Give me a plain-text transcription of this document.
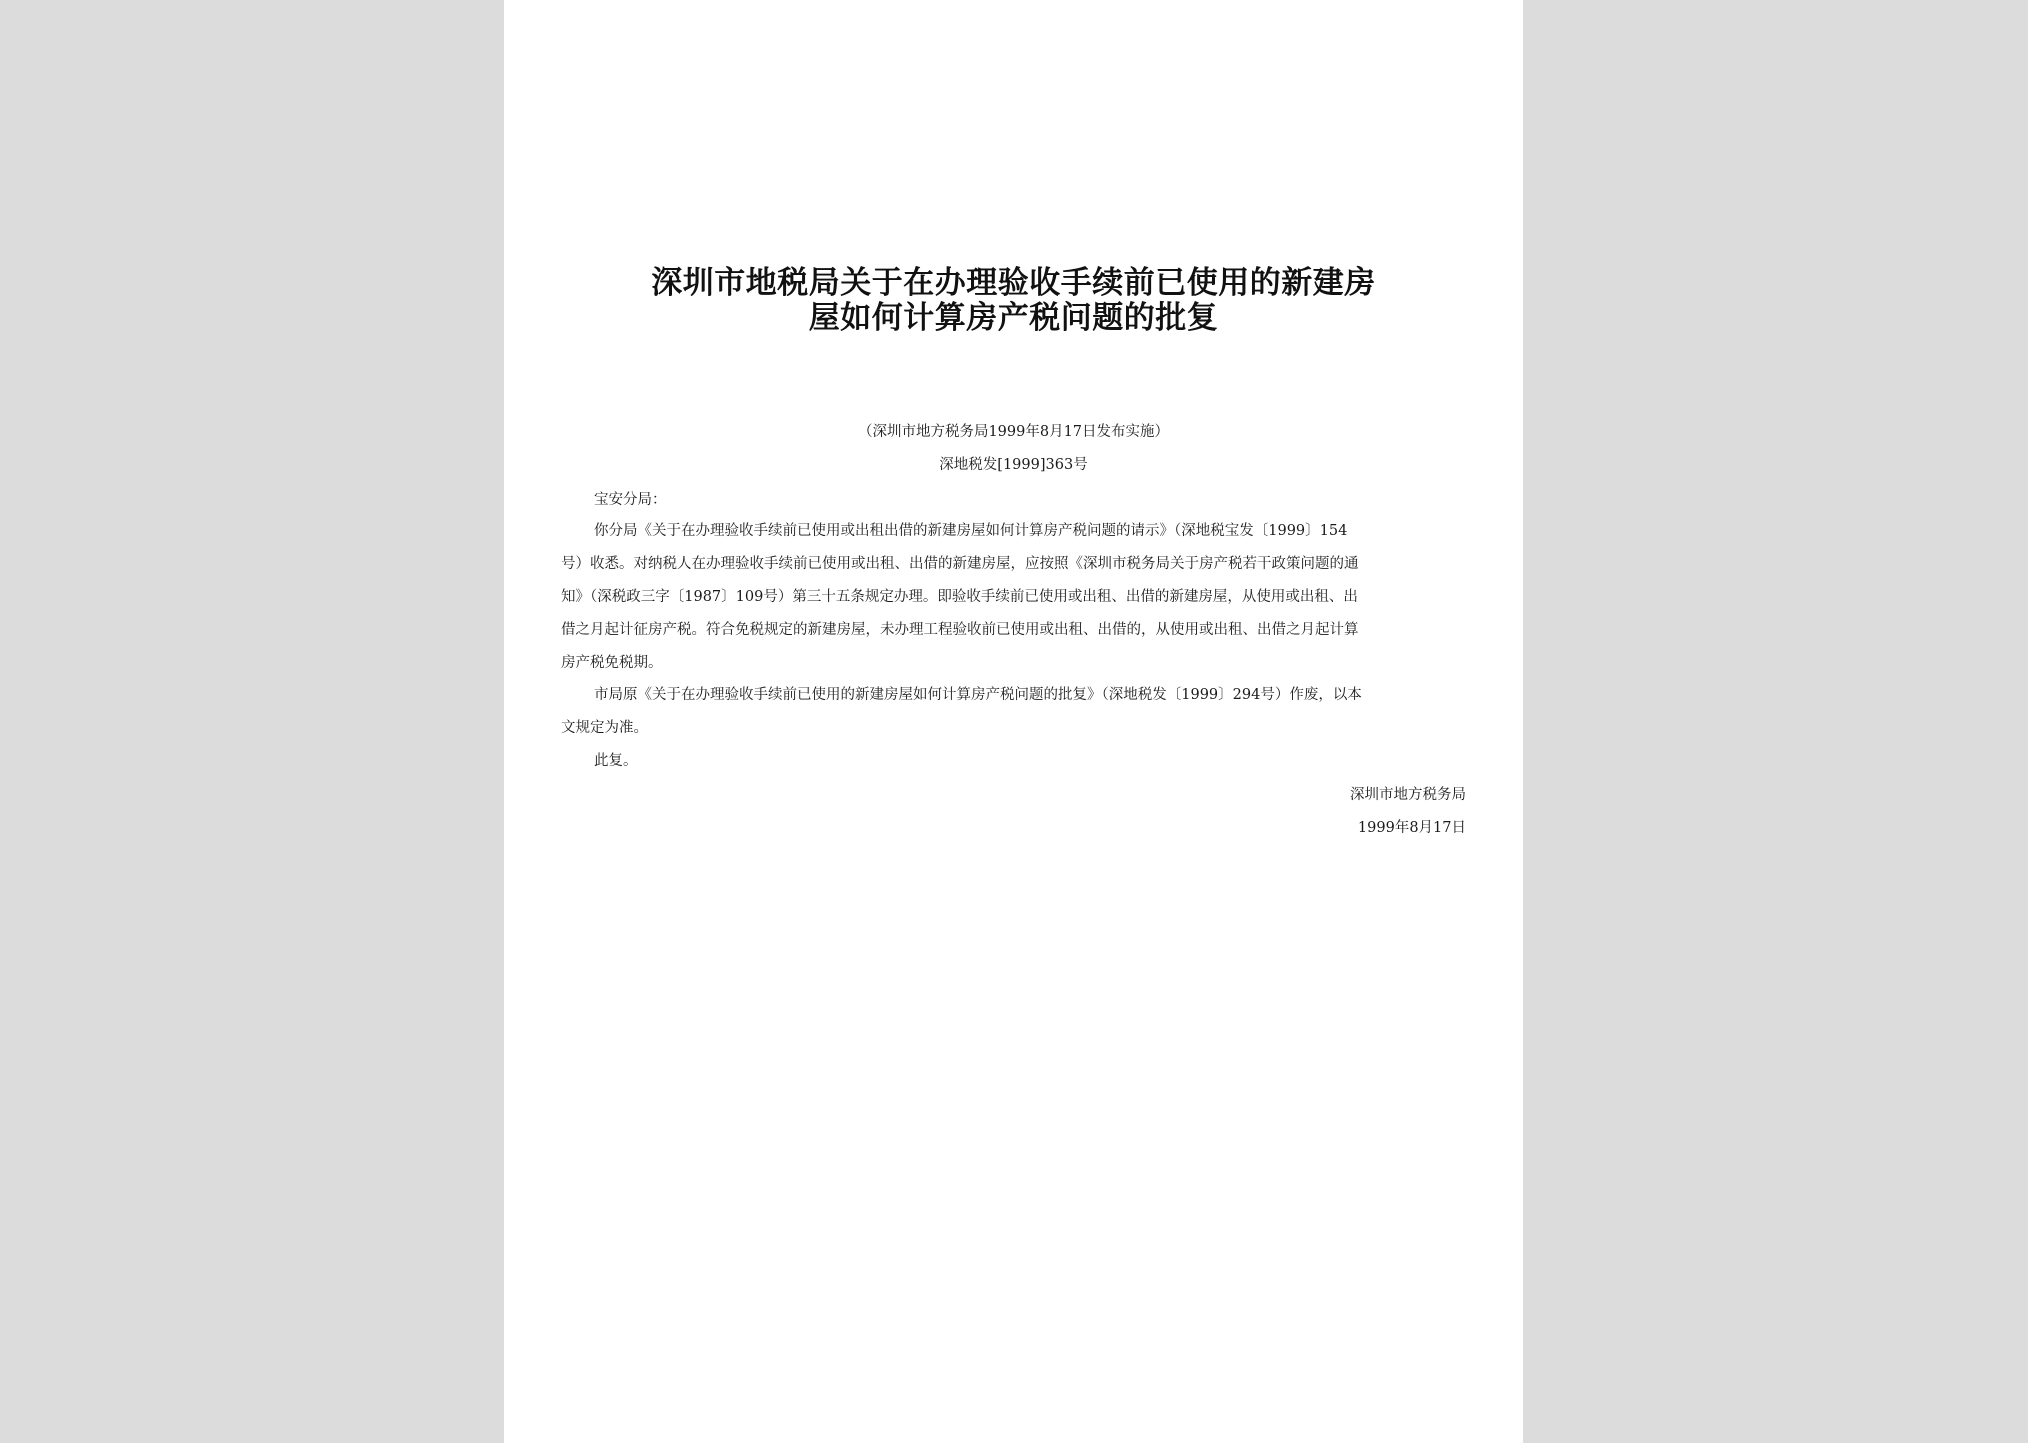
深圳市地税局关于在办理验收手续前已使用的新建房
屋如何计算房产税问题的批复
（深圳市地方税务局1999年8月17日发布实施）
深地税发[1999]363号
宝安分局：
你分局《关于在办理验收手续前已使用或出租出借的新建房屋如何计算房产税问题的请示》（深地税宝发〔1999〕154
号）收悉。对纳税人在办理验收手续前已使用或出租、出借的新建房屋，应按照《深圳市税务局关于房产税若干政策问题的通
知》（深税政三字〔1987〕109号）第三十五条规定办理。即验收手续前已使用或出租、出借的新建房屋，从使用或出租、出
借之月起计征房产税。符合免税规定的新建房屋，未办理工程验收前已使用或出租、出借的，从使用或出租、出借之月起计算
房产税免税期。
市局原《关于在办理验收手续前已使用的新建房屋如何计算房产税问题的批复》（深地税发〔1999〕294号）作废，以本
文规定为准。
此复。
深圳市地方税务局
1999年8月17日
